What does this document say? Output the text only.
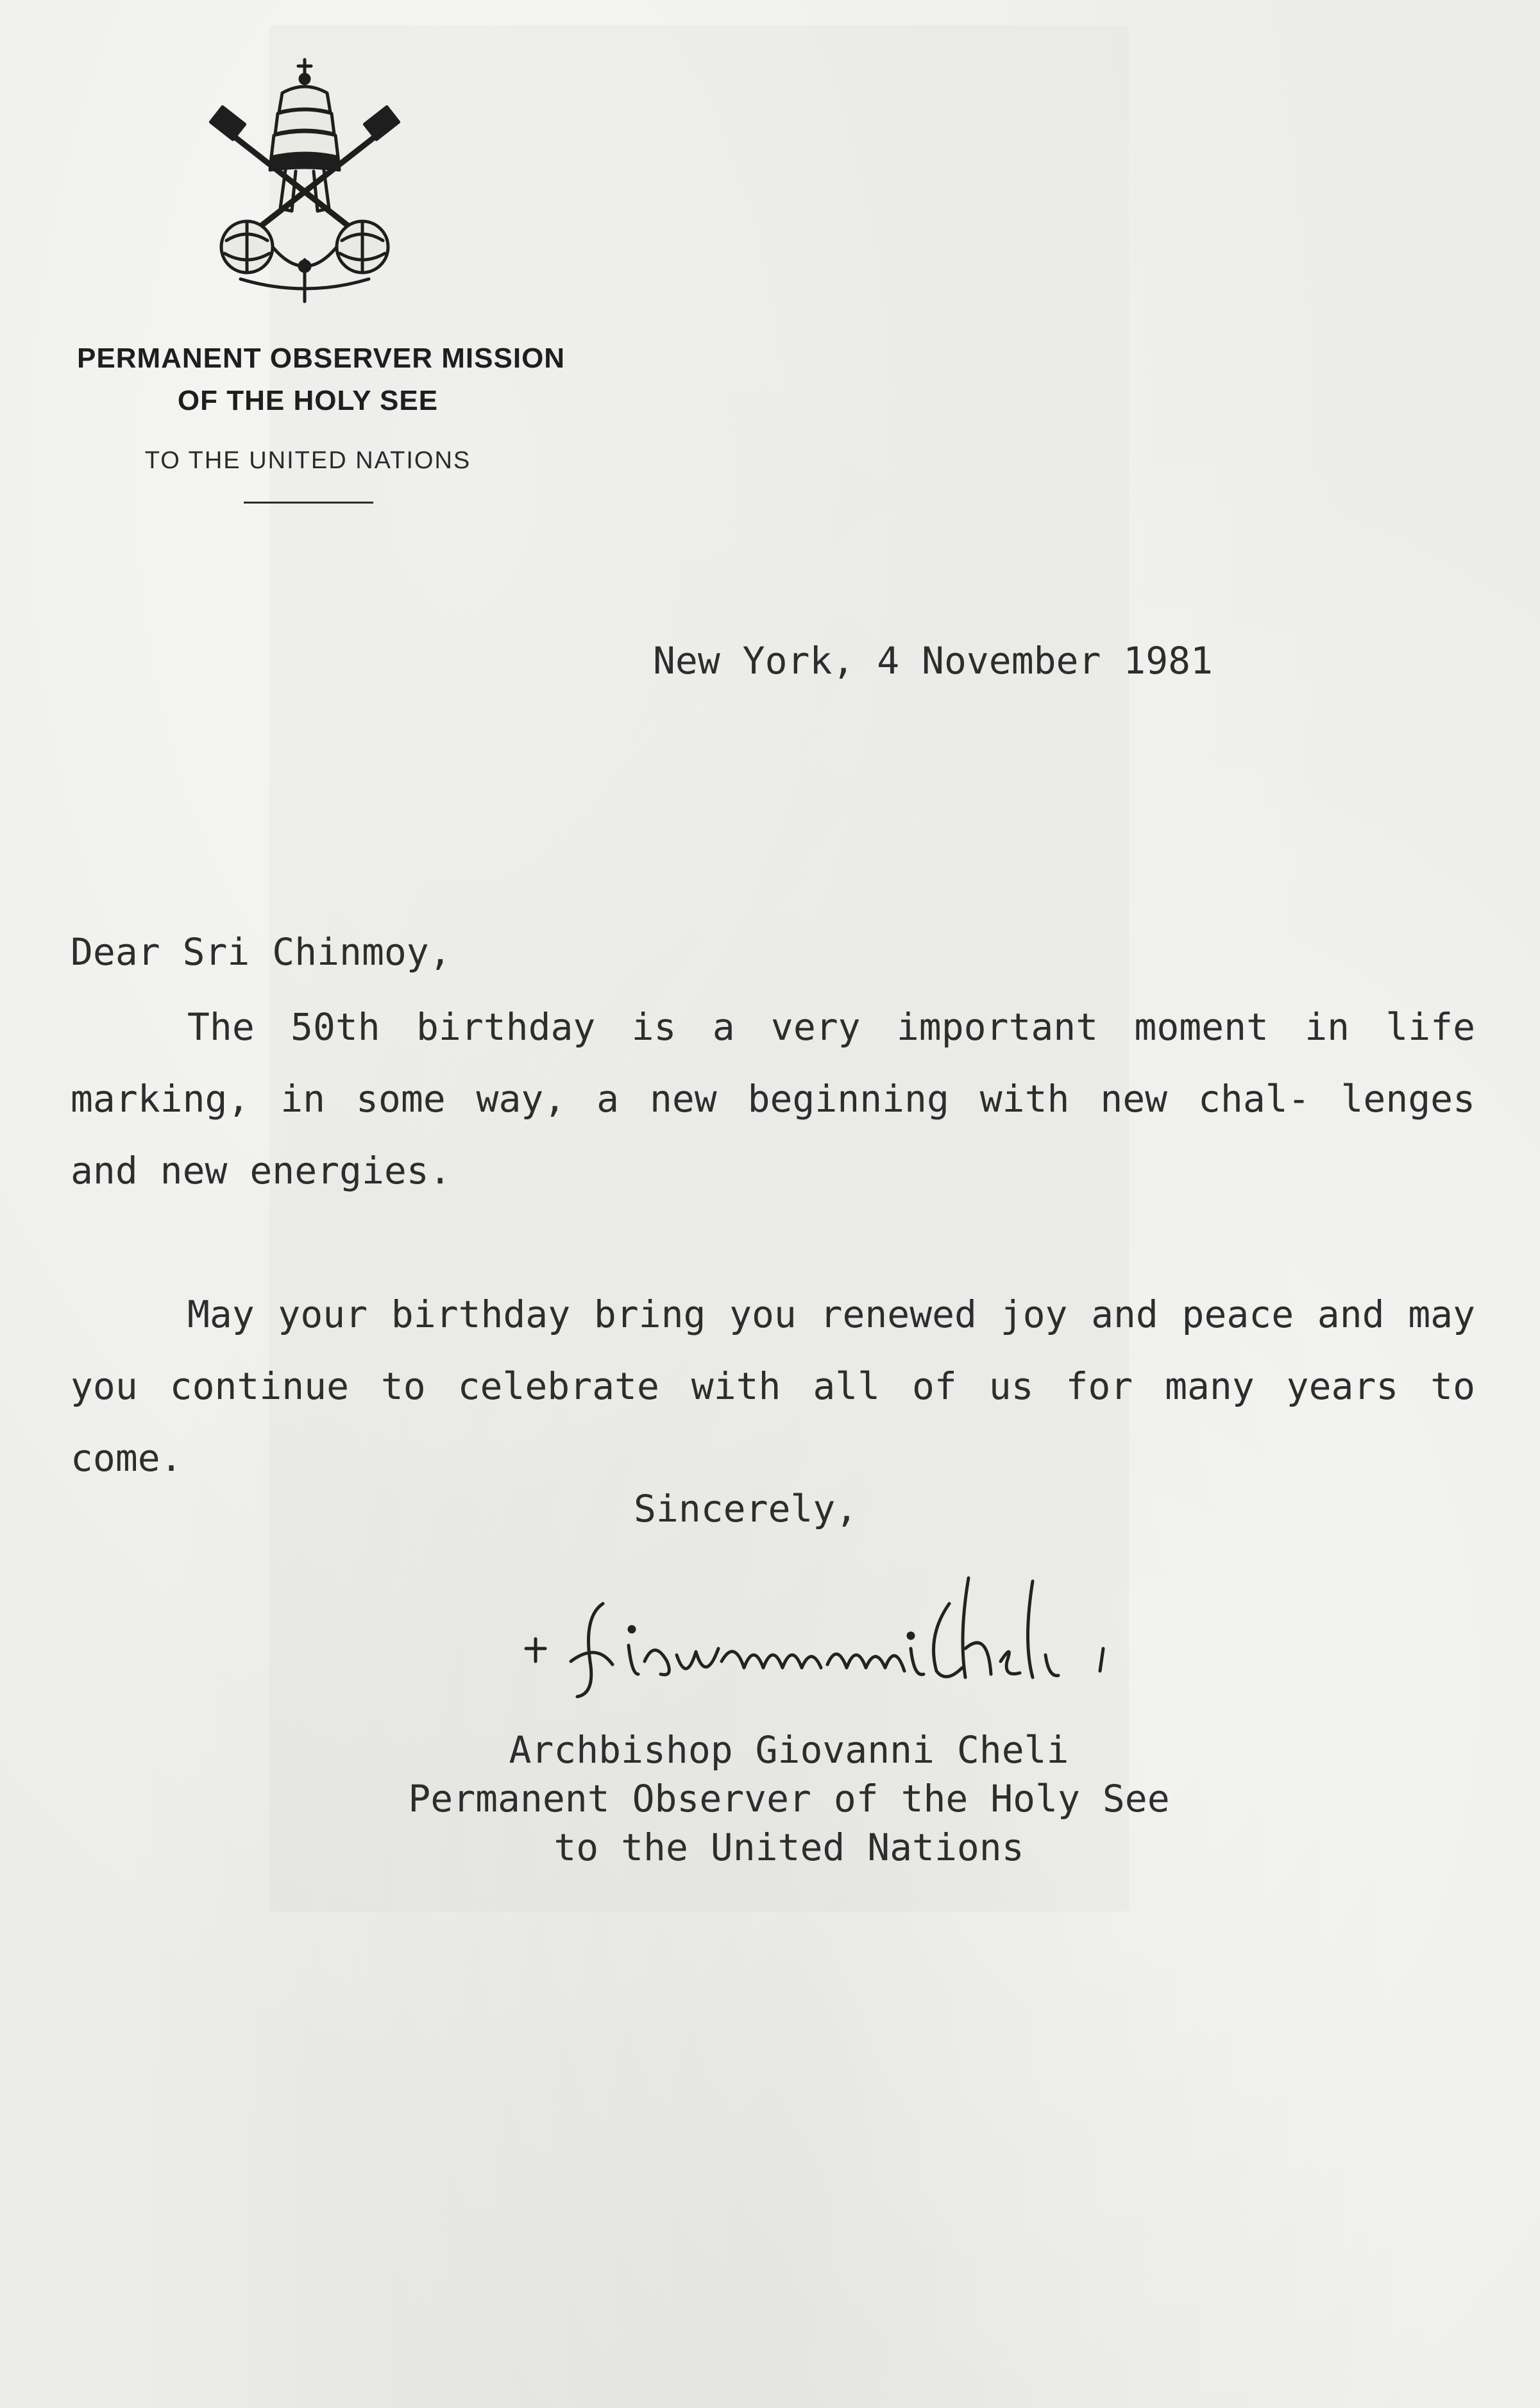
PERMANENT OBSERVER MISSION
OF THE HOLY SEE
TO THE UNITED NATIONS
New York, 4 November 1981
Dear Sri Chinmoy,
The 50th birthday is a very important moment in life marking, in some way, a new beginning with new chal- lenges and new energies.
May your birthday bring you renewed joy and peace and may you continue to celebrate with all of us for many years to come.
Sincerely,
Archbishop Giovanni Cheli
Permanent Observer of the Holy See
to the United Nations
